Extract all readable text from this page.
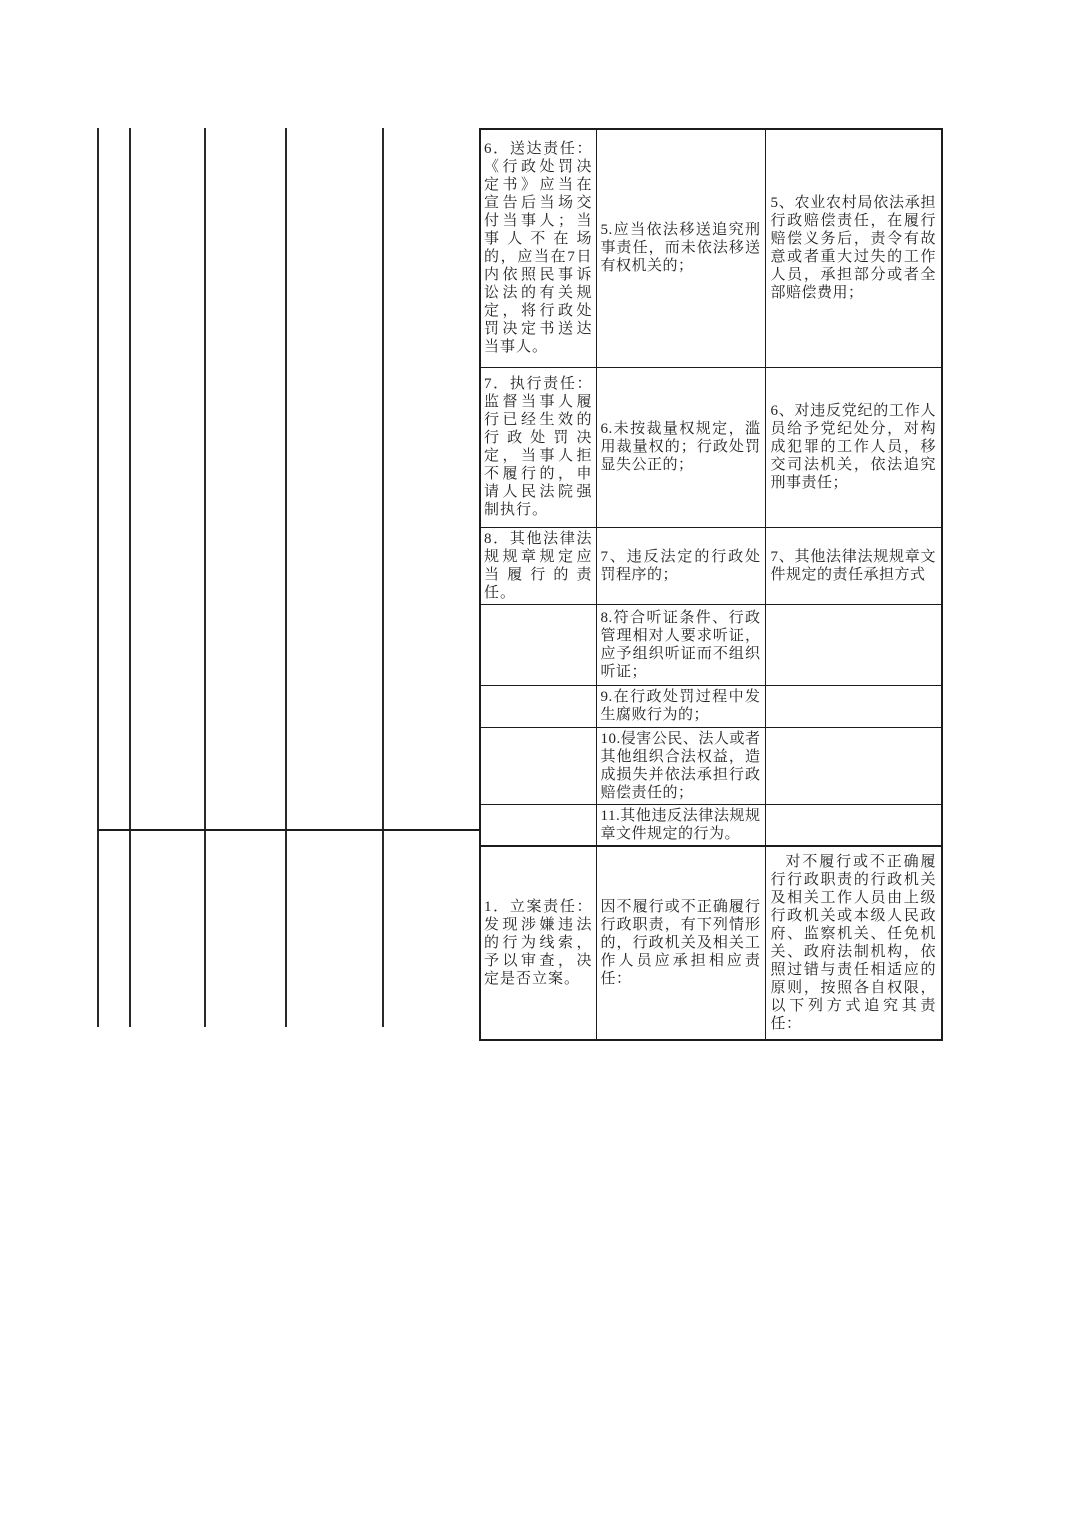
6．送达责任：《行政处罚决定书》应当在宣告后当场交付当事人；当事人不在场的，应当在7日内依照民事诉讼法的有关规定，将行政处罚决定书送达当事人。	5.应当依法移送追究刑事责任，而未依法移送有权机关的；	5、农业农村局依法承担行政赔偿责任，在履行赔偿义务后，责令有故意或者重大过失的工作人员，承担部分或者全部赔偿费用；

7．执行责任：监督当事人履行已经生效的行政处罚决定，当事人拒不履行的，申请人民法院强制执行。	6.未按裁量权规定，滥用裁量权的；行政处罚显失公正的；	6、对违反党纪的工作人员给予党纪处分，对构成犯罪的工作人员，移交司法机关，依法追究刑事责任；

8．其他法律法规规章规定应当履行的责任。	7、违反法定的行政处罚程序的；	7、其他法律法规规章文件规定的责任承担方式

	8.符合听证条件、行政管理相对人要求听证，应予组织听证而不组织听证；	

	9.在行政处罚过程中发生腐败行为的；	

	10.侵害公民、法人或者其他组织合法权益，造成损失并依法承担行政赔偿责任的；	

	11.其他违反法律法规规章文件规定的行为。	

1．立案责任：发现涉嫌违法的行为线索，予以审查，决定是否立案。	因不履行或不正确履行行政职责，有下列情形的，行政机关及相关工作人员应承担相应责任：	对不履行或不正确履行行政职责的行政机关及相关工作人员由上级行政机关或本级人民政府、监察机关、任免机关、政府法制机构，依照过错与责任相适应的原则，按照各自权限，以下列方式追究其责任：
